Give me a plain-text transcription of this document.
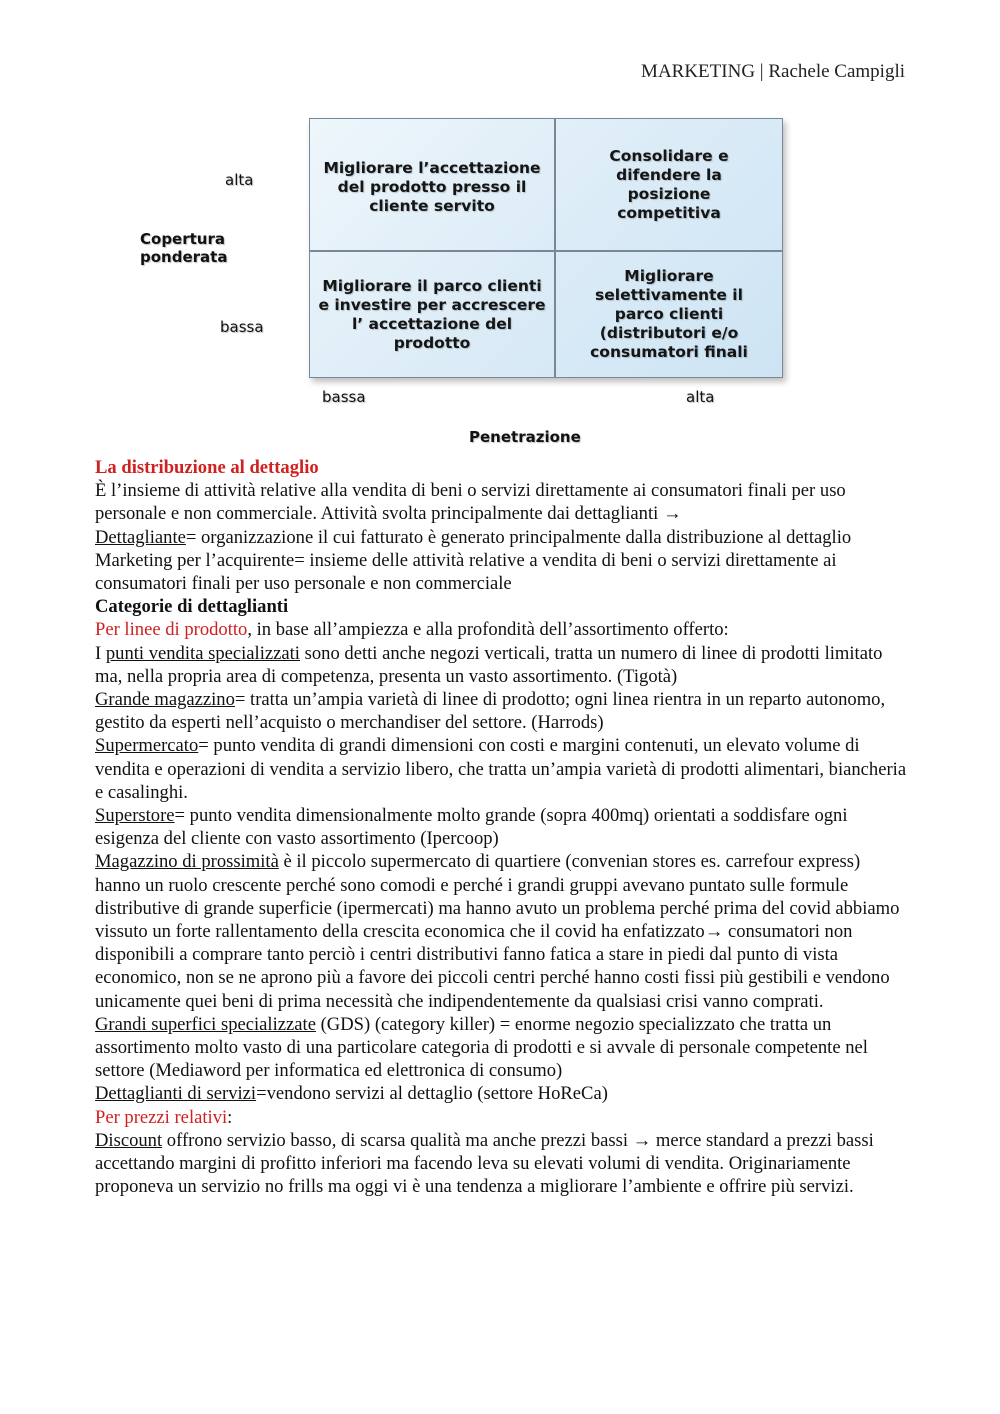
MARKETING | Rachele Campigli
alta
Copertura
ponderata
bassa
Migliorare l’accettazione
del prodotto presso il
cliente servito
Consolidare e
difendere la
posizione
competitiva
Migliorare il parco clienti
e investire per accrescere
l’ accettazione del
prodotto
Migliorare
selettivamente il
parco clienti
(distributori e/o
consumatori finali
bassa	alta
Penetrazione

La distribuzione al dettaglio

È l’insieme di attività relative alla vendita di beni o servizi direttamente ai consumatori finali per uso personale e non commerciale. Attività svolta principalmente dai dettaglianti →

Dettagliante= organizzazione il cui fatturato è generato principalmente dalla distribuzione al dettaglio

Marketing per l’acquirente= insieme delle attività relative a vendita di beni o servizi direttamente ai consumatori finali per uso personale e non commerciale

Categorie di dettaglianti

Per linee di prodotto, in base all’ampiezza e alla profondità dell’assortimento offerto:

I punti vendita specializzati sono detti anche negozi verticali, tratta un numero di linee di prodotti limitato ma, nella propria area di competenza, presenta un vasto assortimento. (Tigotà)

Grande magazzino= tratta un’ampia varietà di linee di prodotto; ogni linea rientra in un reparto autonomo, gestito da esperti nell’acquisto o merchandiser del settore. (Harrods)

Supermercato= punto vendita di grandi dimensioni con costi e margini contenuti, un elevato volume di vendita e operazioni di vendita a servizio libero, che tratta un’ampia varietà di prodotti alimentari, biancheria e casalinghi.

Superstore= punto vendita dimensionalmente molto grande (sopra 400mq) orientati a soddisfare ogni esigenza del cliente con vasto assortimento (Ipercoop)

Magazzino di prossimità è il piccolo supermercato di quartiere (convenian stores es. carrefour express) hanno un ruolo crescente perché sono comodi e perché i grandi gruppi avevano puntato sulle formule distributive di grande superficie (ipermercati) ma hanno avuto un problema perché prima del covid abbiamo vissuto un forte rallentamento della crescita economica che il covid ha enfatizzato→ consumatori non disponibili a comprare tanto perciò i centri distributivi fanno fatica a stare in piedi dal punto di vista economico, non se ne aprono più a favore dei piccoli centri perché hanno costi fissi più gestibili e vendono unicamente quei beni di prima necessità che indipendentemente da qualsiasi crisi vanno comprati.

Grandi superfici specializzate (GDS) (category killer) = enorme negozio specializzato che tratta un assortimento molto vasto di una particolare categoria di prodotti e si avvale di personale competente nel settore (Mediaword per informatica ed elettronica di consumo)

Dettaglianti di servizi=vendono servizi al dettaglio (settore HoReCa)

Per prezzi relativi:

Discount offrono servizio basso, di scarsa qualità ma anche prezzi bassi → merce standard a prezzi bassi accettando margini di profitto inferiori ma facendo leva su elevati volumi di vendita. Originariamente proponeva un servizio no frills ma oggi vi è una tendenza a migliorare l’ambiente e offrire più servizi.
